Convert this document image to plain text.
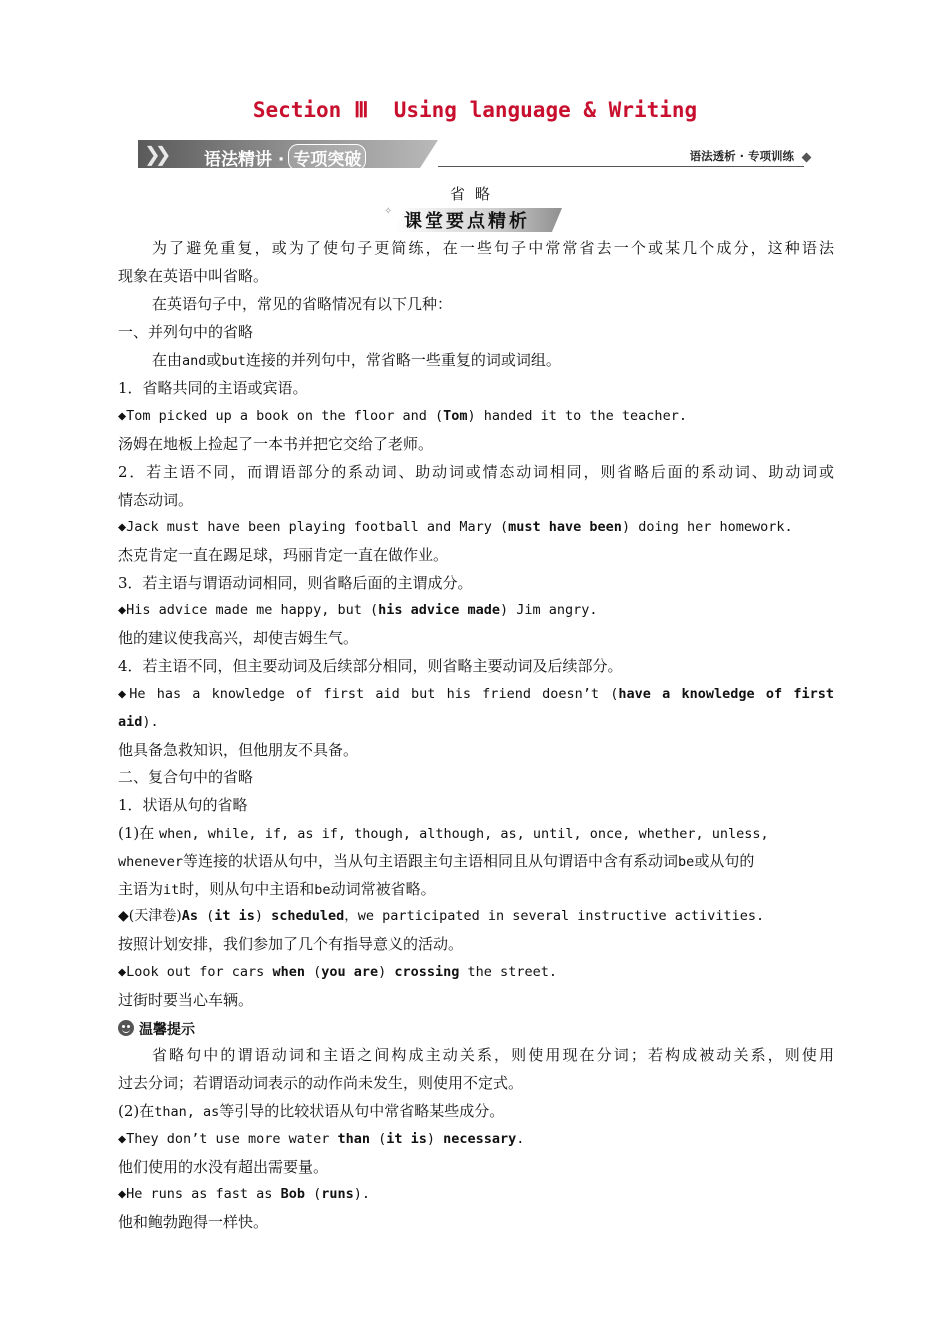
Section Ⅲ  Using language & Writing
❯❯ 语法精讲 · 专项突破	语法透析 · 专项训练
省略
✧ 课堂要点精析
为了避免重复，或为了使句子更简练，在一些句子中常常省去一个或某几个成分，这种语法
现象在英语中叫省略。
在英语句子中，常见的省略情况有以下几种：
一、并列句中的省略
在由and或but连接的并列句中，常省略一些重复的词或词组。
1．省略共同的主语或宾语。
◆Tom picked up a book on the floor and (Tom) handed it to the teacher.
汤姆在地板上捡起了一本书并把它交给了老师。
2．若主语不同，而谓语部分的系动词、助动词或情态动词相同，则省略后面的系动词、助动词或
情态动词。
◆Jack must have been playing football and Mary (must have been) doing her homework.
杰克肯定一直在踢足球，玛丽肯定一直在做作业。
3．若主语与谓语动词相同，则省略后面的主谓成分。
◆His advice made me happy, but (his advice made) Jim angry.
他的建议使我高兴，却使吉姆生气。
4．若主语不同，但主要动词及后续部分相同，则省略主要动词及后续部分。
◆He has a knowledge of first aid but his friend doesn’t (have a knowledge of first
aid).
他具备急救知识，但他朋友不具备。
二、复合句中的省略
1．状语从句的省略
(1)在 when, while, if, as if, though, although, as, until, once, whether, unless,
whenever等连接的状语从句中，当从句主语跟主句主语相同且从句谓语中含有系动词be或从句的
主语为it时，则从句中主语和be动词常被省略。
◆(天津卷)As (it is) scheduled，we participated in several instructive activities.
按照计划安排，我们参加了几个有指导意义的活动。
◆Look out for cars when (you are) crossing the street.
过街时要当心车辆。
温馨提示
省略句中的谓语动词和主语之间构成主动关系，则使用现在分词；若构成被动关系，则使用
过去分词；若谓语动词表示的动作尚未发生，则使用不定式。
(2)在than, as等引导的比较状语从句中常省略某些成分。
◆They don’t use more water than (it is) necessary.
他们使用的水没有超出需要量。
◆He runs as fast as Bob (runs).
他和鲍勃跑得一样快。
